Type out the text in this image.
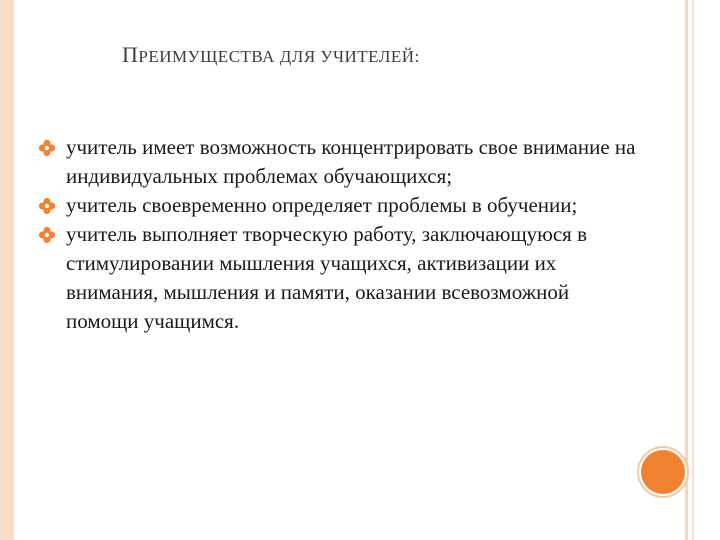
ПРЕИМУЩЕСТВА ДЛЯ УЧИТЕЛЕЙ:
учитель имеет возможность концентрировать свое внимание на индивидуальных проблемах обучающихся;
учитель своевременно определяет проблемы в обучении;
учитель выполняет творческую работу, заключающуюся в стимулировании мышления учащихся, активизации их внимания, мышления и памяти, оказании всевозможной помощи учащимся.
